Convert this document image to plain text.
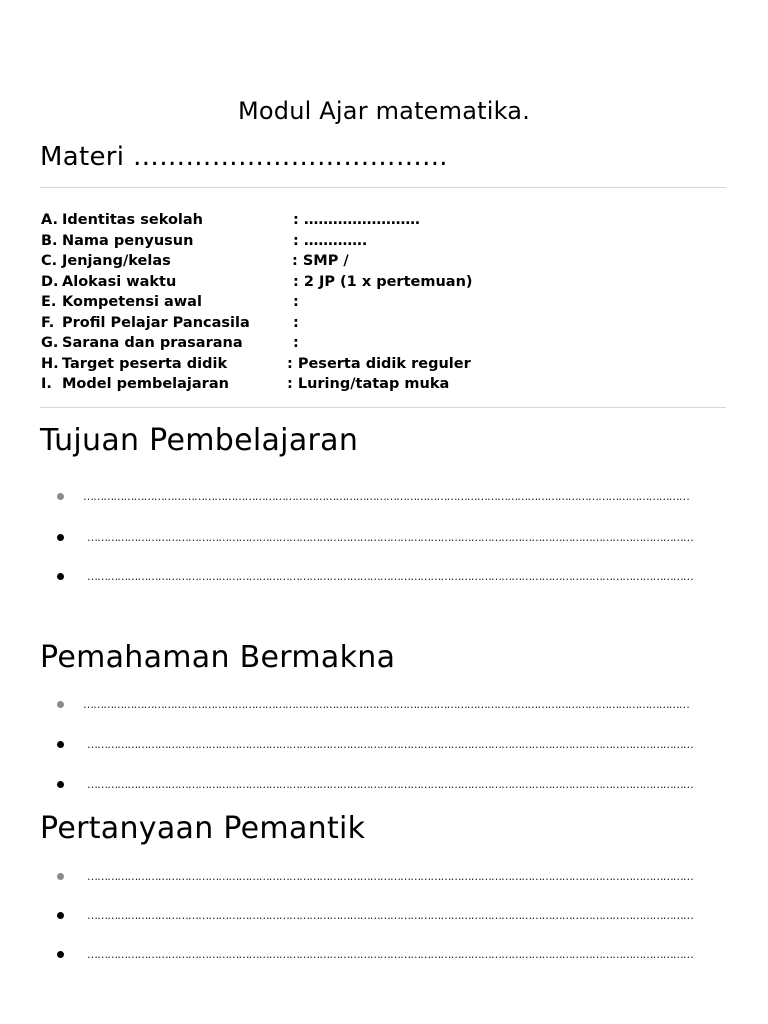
Modul Ajar matematika.
Materi ……………………………...
A. Identitas sekolah	: ……………………
B. Nama penyusun	: ………….
C. Jenjang/kelas	: SMP /
D. Alokasi waktu	: 2 JP (1 x pertemuan)
E. Kompetensi awal	:
F. Profil Pelajar Pancasila	:
G. Sarana dan prasarana	:
H. Target peserta didik	: Peserta didik reguler
I. Model pembelajaran	: Luring/tatap muka
Tujuan Pembelajaran
………………………………………………………………………………………………………………………………………………………………
………………………………………………………………………………………………………………………………………………………………
………………………………………………………………………………………………………………………………………………………………
Pemahaman Bermakna
………………………………………………………………………………………………………………………………………………………………
………………………………………………………………………………………………………………………………………………………………
………………………………………………………………………………………………………………………………………………………………
Pertanyaan Pemantik
………………………………………………………………………………………………………………………………………………………………
………………………………………………………………………………………………………………………………………………………………
………………………………………………………………………………………………………………………………………………………………
